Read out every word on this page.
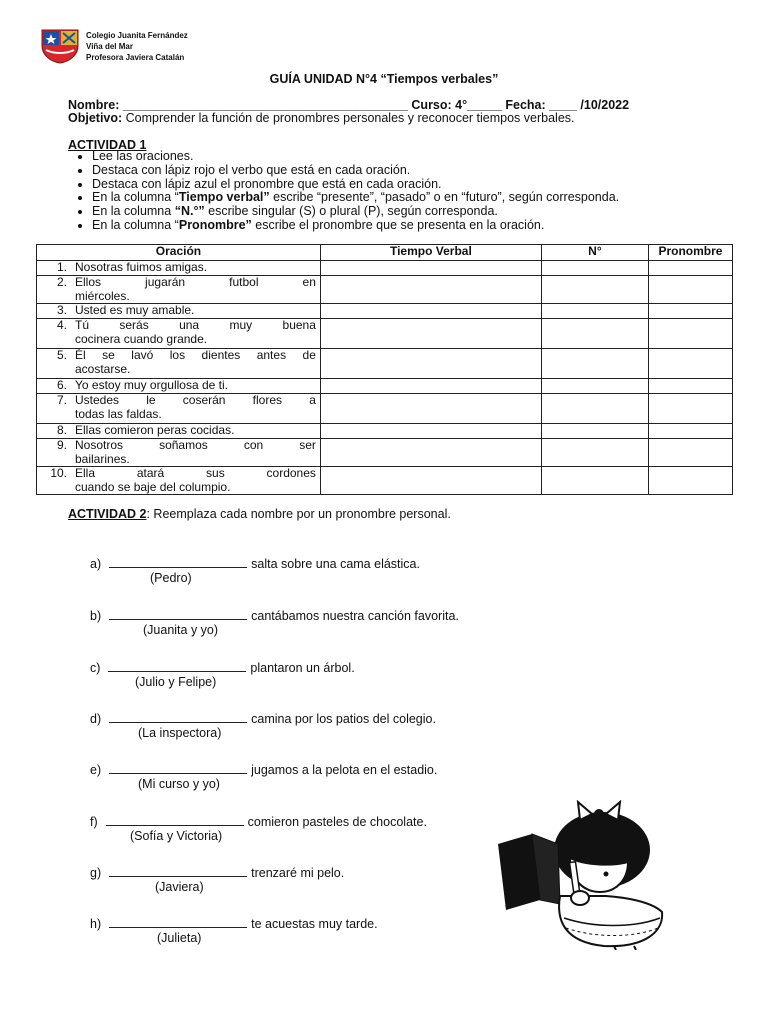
Colegio Juanita Fernández
Viña del Mar
Profesora Javiera Catalán
GUÍA UNIDAD N°4 “Tiempos verbales”
Nombre: _________________________________________ Curso: 4°_____ Fecha: ____ /10/2022
Objetivo: Comprender la función de pronombres personales y reconocer tiempos verbales.
ACTIVIDAD 1
• Lee las oraciones.
• Destaca con lápiz rojo el verbo que está en cada oración.
• Destaca con lápiz azul el pronombre que está en cada oración.
• En la columna “Tiempo verbal” escribe “presente”, “pasado” o en “futuro”, según corresponda.
• En la columna “N.°” escribe singular (S) o plural (P), según corresponda.
• En la columna “Pronombre” escribe el pronombre que se presenta en la oración.
Oración		Tiempo Verbal	N°	Pronombre
1.	Nosotras fuimos amigas.			

2.	Ellos jugarán futbol en
miércoles.			

3.	Usted es muy amable.			

4.	Tú serás una muy buena
cocinera cuando grande.			

5.	Él se lavó los dientes antes de
acostarse.			

6.	Yo estoy muy orgullosa de ti.			

7.	Ustedes le coserán flores a
todas las faldas.			

8.	Ellas comieron peras cocidas.			

9.	Nosotros soñamos con ser
bailarines.			

10.	Ella atará sus cordones
cuando se baje del columpio.			

ACTIVIDAD 2: Reemplaza cada nombre por un pronombre personal.
a)	salta sobre una cama elástica.
(Pedro)
b)	cantábamos nuestra canción favorita.
(Juanita y yo)
c)	plantaron un árbol.
(Julio y Felipe)
d)	camina por los patios del colegio.
(La inspectora)
e)	jugamos a la pelota en el estadio.
(Mi curso y yo)
f)	comieron pasteles de chocolate.
(Sofía y Victoria)
g)	trenzaré mi pelo.
(Javiera)
h)	te acuestas muy tarde.
(Julieta)
